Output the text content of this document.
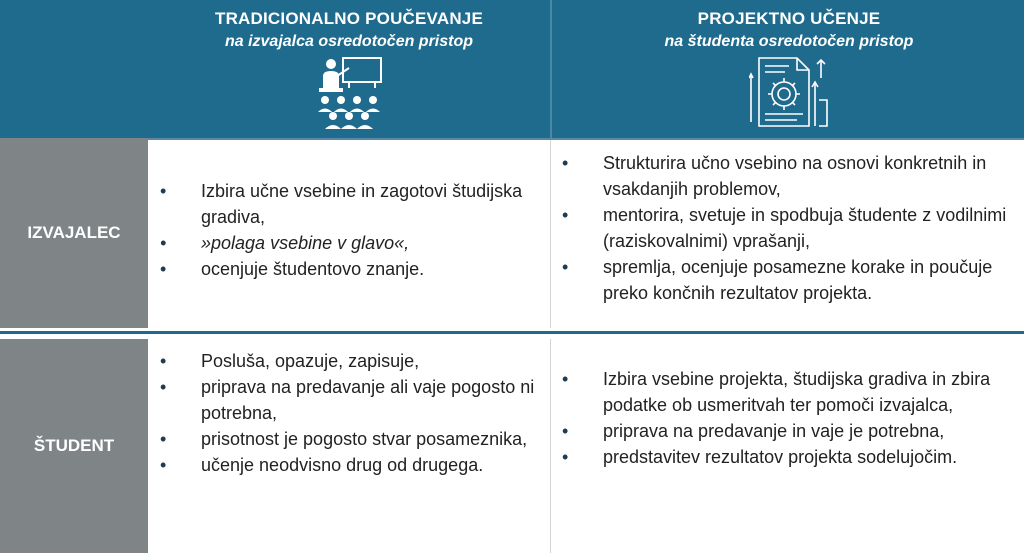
TRADICIONALNO POUČEVANJE
na izvajalca osredotočen pristop
PROJEKTNO UČENJE
na študenta osredotočen pristop
IZVAJALEC
• Izbira učne vsebine in zagotovi študijska gradiva,
• »polaga vsebine v glavo«,
• ocenjuje študentovo znanje.
• Strukturira učno vsebino na osnovi konkretnih in vsakdanjih problemov,
• mentorira, svetuje in spodbuja študente z vodilnimi (raziskovalnimi) vprašanji,
• spremlja, ocenjuje posamezne korake in poučuje preko končnih rezultatov projekta.
ŠTUDENT
• Posluša, opazuje, zapisuje,
• priprava na predavanje ali vaje pogosto ni potrebna,
• prisotnost je pogosto stvar posameznika,
• učenje neodvisno drug od drugega.
• Izbira vsebine projekta, študijska gradiva in zbira podatke ob usmeritvah ter pomoči izvajalca,
• priprava na predavanje in vaje je potrebna,
• predstavitev rezultatov projekta sodelujočim.
